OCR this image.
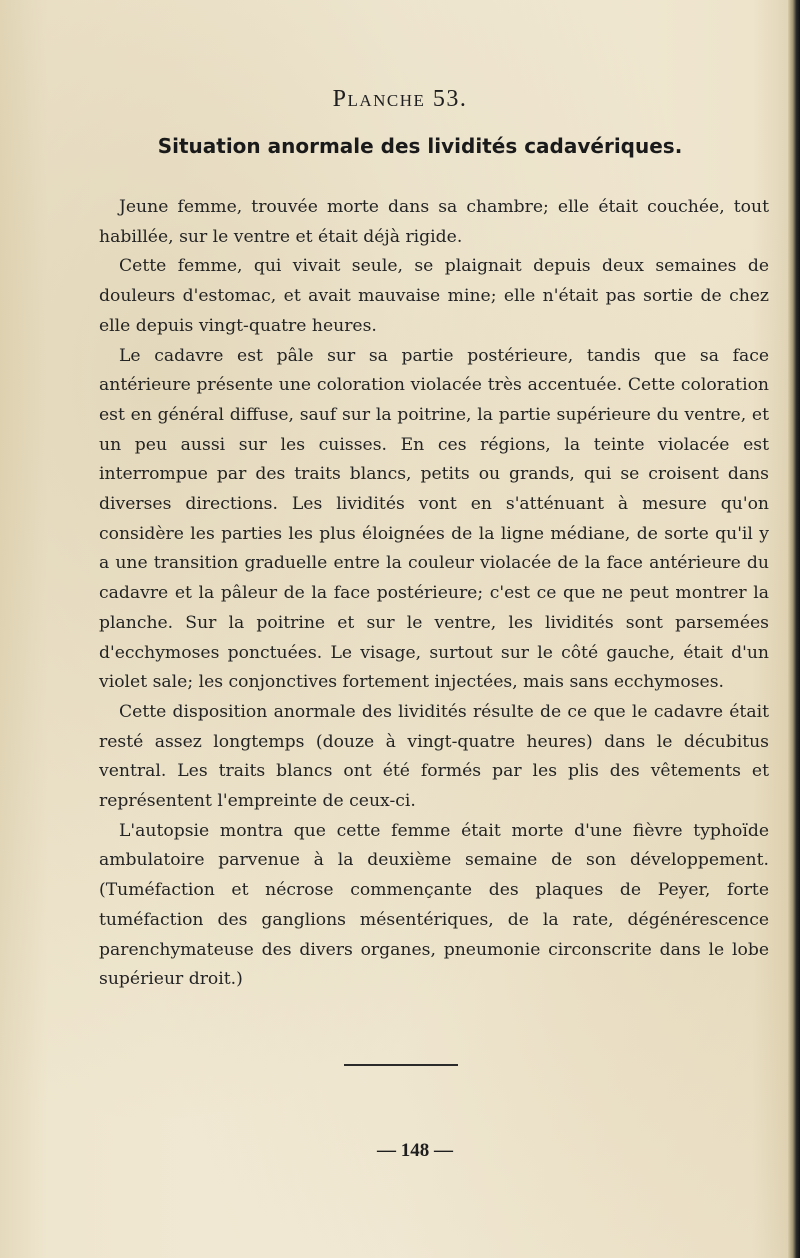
Planche 53.
Situation anormale des lividités cadavériques.

Jeune femme, trouvée morte dans sa chambre; elle était couchée, tout habillée, sur le ventre et était déjà rigide.

Cette femme, qui vivait seule, se plaignait depuis deux semaines de douleurs d'estomac, et avait mauvaise mine; elle n'était pas sortie de chez elle depuis vingt-quatre heures.

Le cadavre est pâle sur sa partie postérieure, tandis que sa face antérieure présente une coloration violacée très accentuée. Cette coloration est en général diffuse, sauf sur la poitrine, la partie supérieure du ventre, et un peu aussi sur les cuisses. En ces régions, la teinte violacée est interrompue par des traits blancs, petits ou grands, qui se croisent dans diverses directions. Les lividités vont en s'atténuant à mesure qu'on considère les parties les plus éloignées de la ligne médiane, de sorte qu'il y a une transition graduelle entre la couleur violacée de la face antérieure du cadavre et la pâleur de la face postérieure; c'est ce que ne peut montrer la planche. Sur la poitrine et sur le ventre, les lividités sont parsemées d'ecchymoses ponctuées. Le visage, surtout sur le côté gauche, était d'un violet sale; les conjonctives fortement injectées, mais sans ecchymoses.

Cette disposition anormale des lividités résulte de ce que le cadavre était resté assez longtemps (douze à vingt-quatre heures) dans le décubitus ventral. Les traits blancs ont été formés par les plis des vêtements et représentent l'empreinte de ceux-ci.

L'autopsie montra que cette femme était morte d'une fièvre typhoïde ambulatoire parvenue à la deuxième semaine de son développement. (Tuméfaction et nécrose commençante des plaques de Peyer, forte tuméfaction des ganglions mésentériques, de la rate, dégénérescence parenchymateuse des divers organes, pneumonie circonscrite dans le lobe supérieur droit.)

— 148 —
